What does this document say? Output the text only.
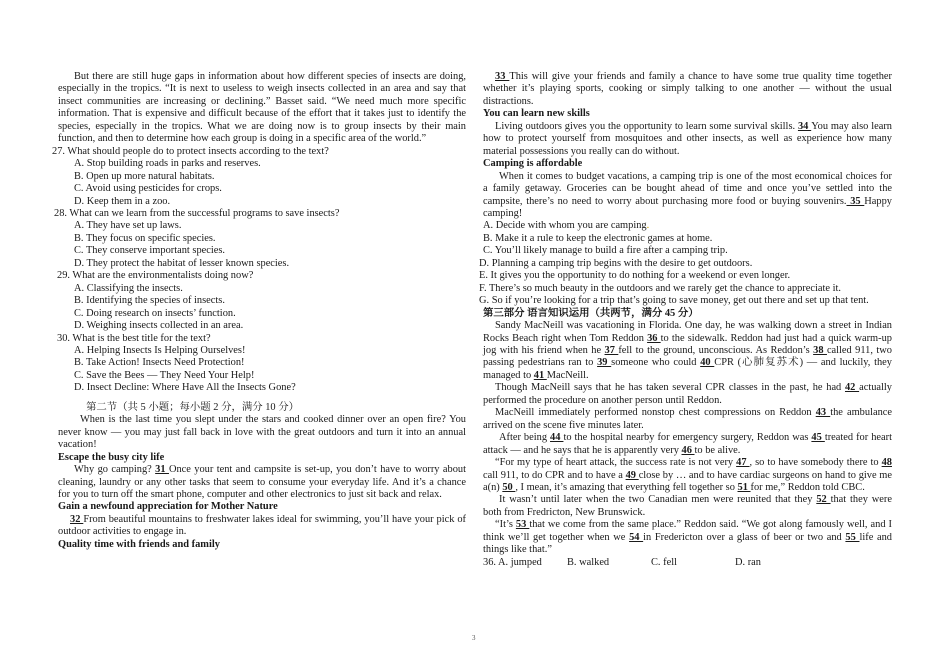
But there are still huge gaps in information about how different species of insects are doing, especially in the tropics. “It is next to useless to weigh insects collected in an area and say that insect communities are increasing or declining.” Basset said. “We need much more specific information. That is expensive and difficult because of the effort that it takes just to identify the species, especially in the tropics. What we are doing now is to group insects by their main function, and then to determine how each group is doing in a specific area of the world.”

27. What should people do to protect insects according to the text?

A. Stop building roads in parks and reserves.

B. Open up more natural habitats.

C. Avoid using pesticides for crops.

D. Keep them in a zoo.

28. What can we learn from the successful programs to save insects?

A. They have set up laws.

B. They focus on specific species.

C. They conserve important species.

D. They protect the habitat of lesser known species.

29. What are the environmentalists doing now?

A. Classifying the insects.

B. Identifying the species of insects.

C. Doing research on insects’ function.

D. Weighing insects collected in an area.

30. What is the best title for the text?

A. Helping Insects Is Helping Ourselves!

B. Take Action! Insects Need Protection!

C. Save the Bees — They Need Your Help!

D. Insect Decline: Where Have All the Insects Gone?

第二节（共 5 小题；每小题 2 分，满分 10 分）

When is the last time you slept under the stars and cooked dinner over an open fire? You never know — you may just fall back in love with the great outdoors and turn it into an annual vacation!

Escape the busy city life

Why go camping? 31 Once your tent and campsite is set-up, you don’t have to worry about cleaning, laundry or any other tasks that seem to consume your everyday life. And it’s a chance for you to turn off the smart phone, computer and other electronics to just sit back and relax.

Gain a newfound appreciation for Mother Nature

32 From beautiful mountains to freshwater lakes ideal for swimming, you’ll have your pick of outdoor activities to engage in.

Quality time with friends and family

33 This will give your friends and family a chance to have some true quality time together whether it’s playing sports, cooking or simply talking to one another — without the usual distractions.

You can learn new skills

Living outdoors gives you the opportunity to learn some survival skills. 34 You may also learn how to protect yourself from mosquitoes and other insects, as well as experience how many material possessions you really can do without.

Camping is affordable

When it comes to budget vacations, a camping trip is one of the most economical choices for a family getaway. Groceries can be bought ahead of time and once you’ve settled into the campsite, there’s no need to worry about purchasing more food or buying souvenirs. 35 Happy camping!

A. Decide with whom you are camping.

B. Make it a rule to keep the electronic games at home.

C. You’ll likely manage to build a fire after a camping trip.

D. Planning a camping trip begins with the desire to get outdoors.

E. It gives you the opportunity to do nothing for a weekend or even longer.

F. There’s so much beauty in the outdoors and we rarely get the chance to appreciate it.

G. So if you’re looking for a trip that’s going to save money, get out there and set up that tent.

第三部分 语言知识运用（共两节，满分 45 分）

Sandy MacNeill was vacationing in Florida. One day, he was walking down a street in Indian Rocks Beach right when Tom Reddon 36 to the sidewalk. Reddon had just had a quick warm-up jog with his friend when he 37 fell to the ground, unconscious. As Reddon’s 38 called 911, two passing pedestrians ran to 39 someone who could 40 CPR (心肺复苏术) — and luckily, they managed to 41 MacNeill.

Though MacNeill says that he has taken several CPR classes in the past, he had 42 actually performed the procedure on another person until Reddon.

MacNeill immediately performed nonstop chest compressions on Reddon 43 the ambulance arrived on the scene five minutes later.

After being 44 to the hospital nearby for emergency surgery, Reddon was 45 treated for heart attack — and he says that he is apparently very 46 to be alive.

“For my type of heart attack, the success rate is not very 47 , so to have somebody there to 48 call 911, to do CPR and to have a 49 close by … and to have cardiac surgeons on hand to give me a(n) 50 , I mean, it’s amazing that everything fell together so 51 for me,” Reddon told CBC.

It wasn’t until later when the two Canadian men were reunited that they 52 that they were both from Fredricton, New Brunswick.

“It’s 53 that we come from the same place.” Reddon said. “We got along famously well, and I think we’ll get together when we 54 in Fredericton over a glass of beer or two and 55 life and things like that.”

36. A. jumped	B. walked	C. fell	D. ran
3
